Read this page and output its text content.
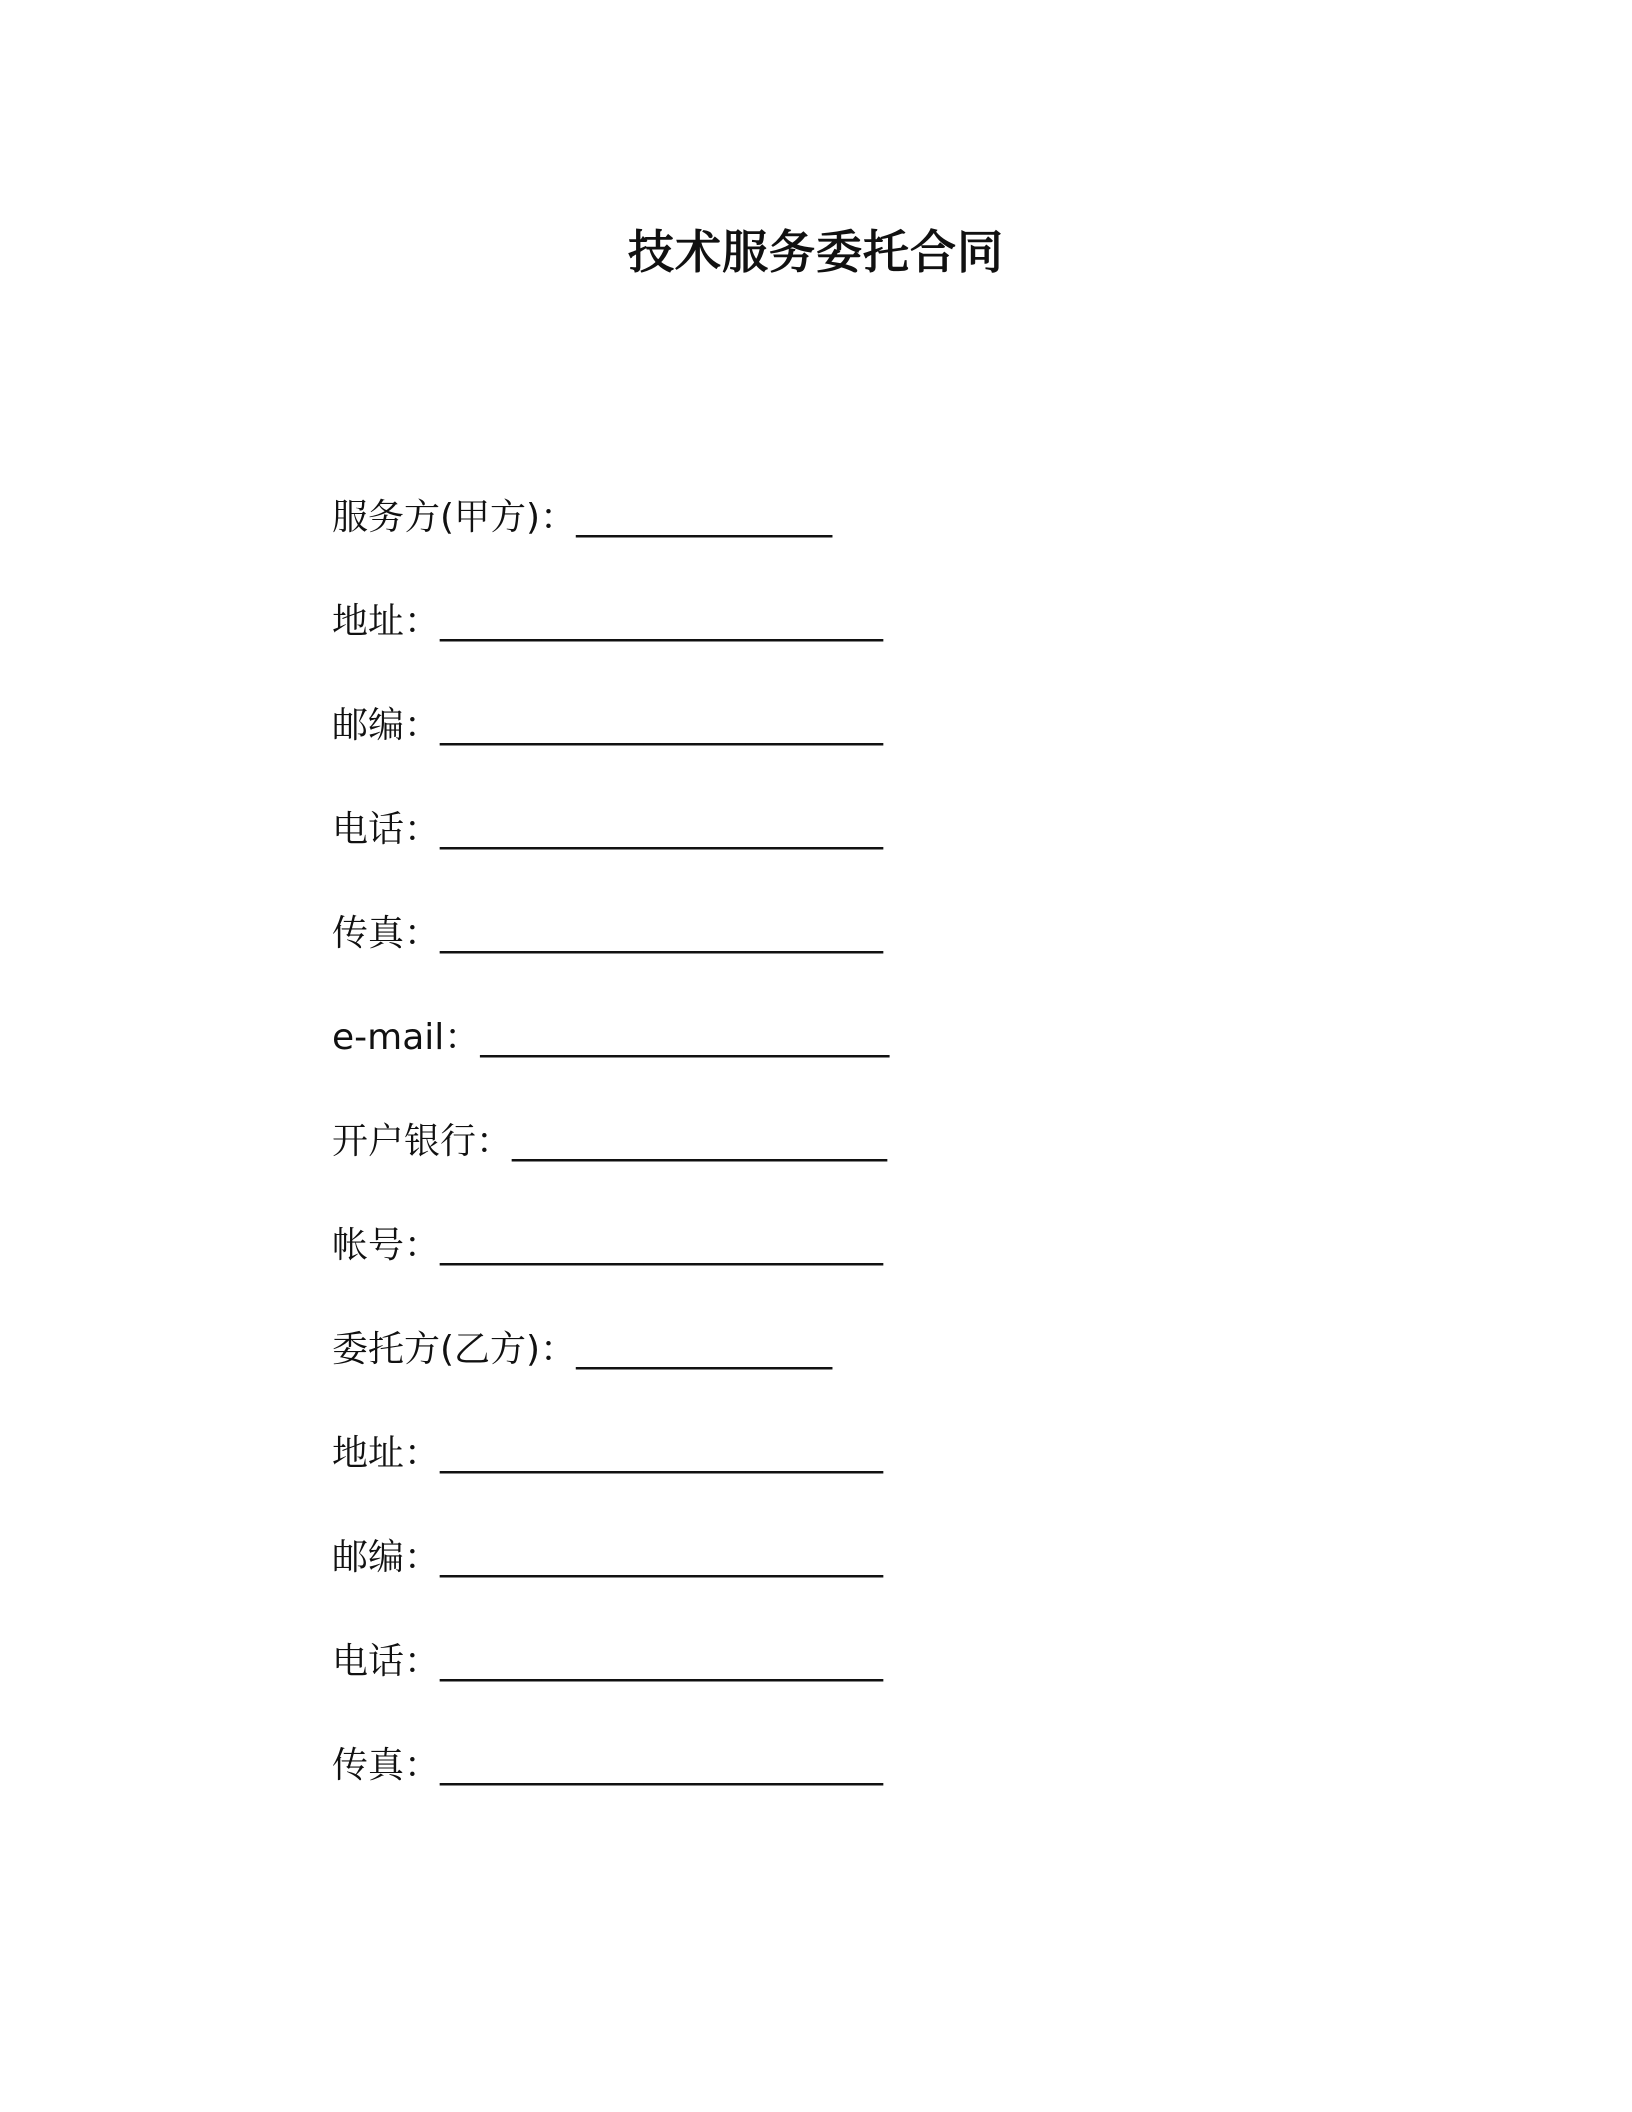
技术服务委托合同
服务方(甲方)： _______________
地址： __________________________
邮编： __________________________
电话： __________________________
传真： __________________________
e-mail： ________________________
开户银行： ______________________
帐号： __________________________
委托方(乙方)： _______________
地址： __________________________
邮编： __________________________
电话： __________________________
传真： __________________________
